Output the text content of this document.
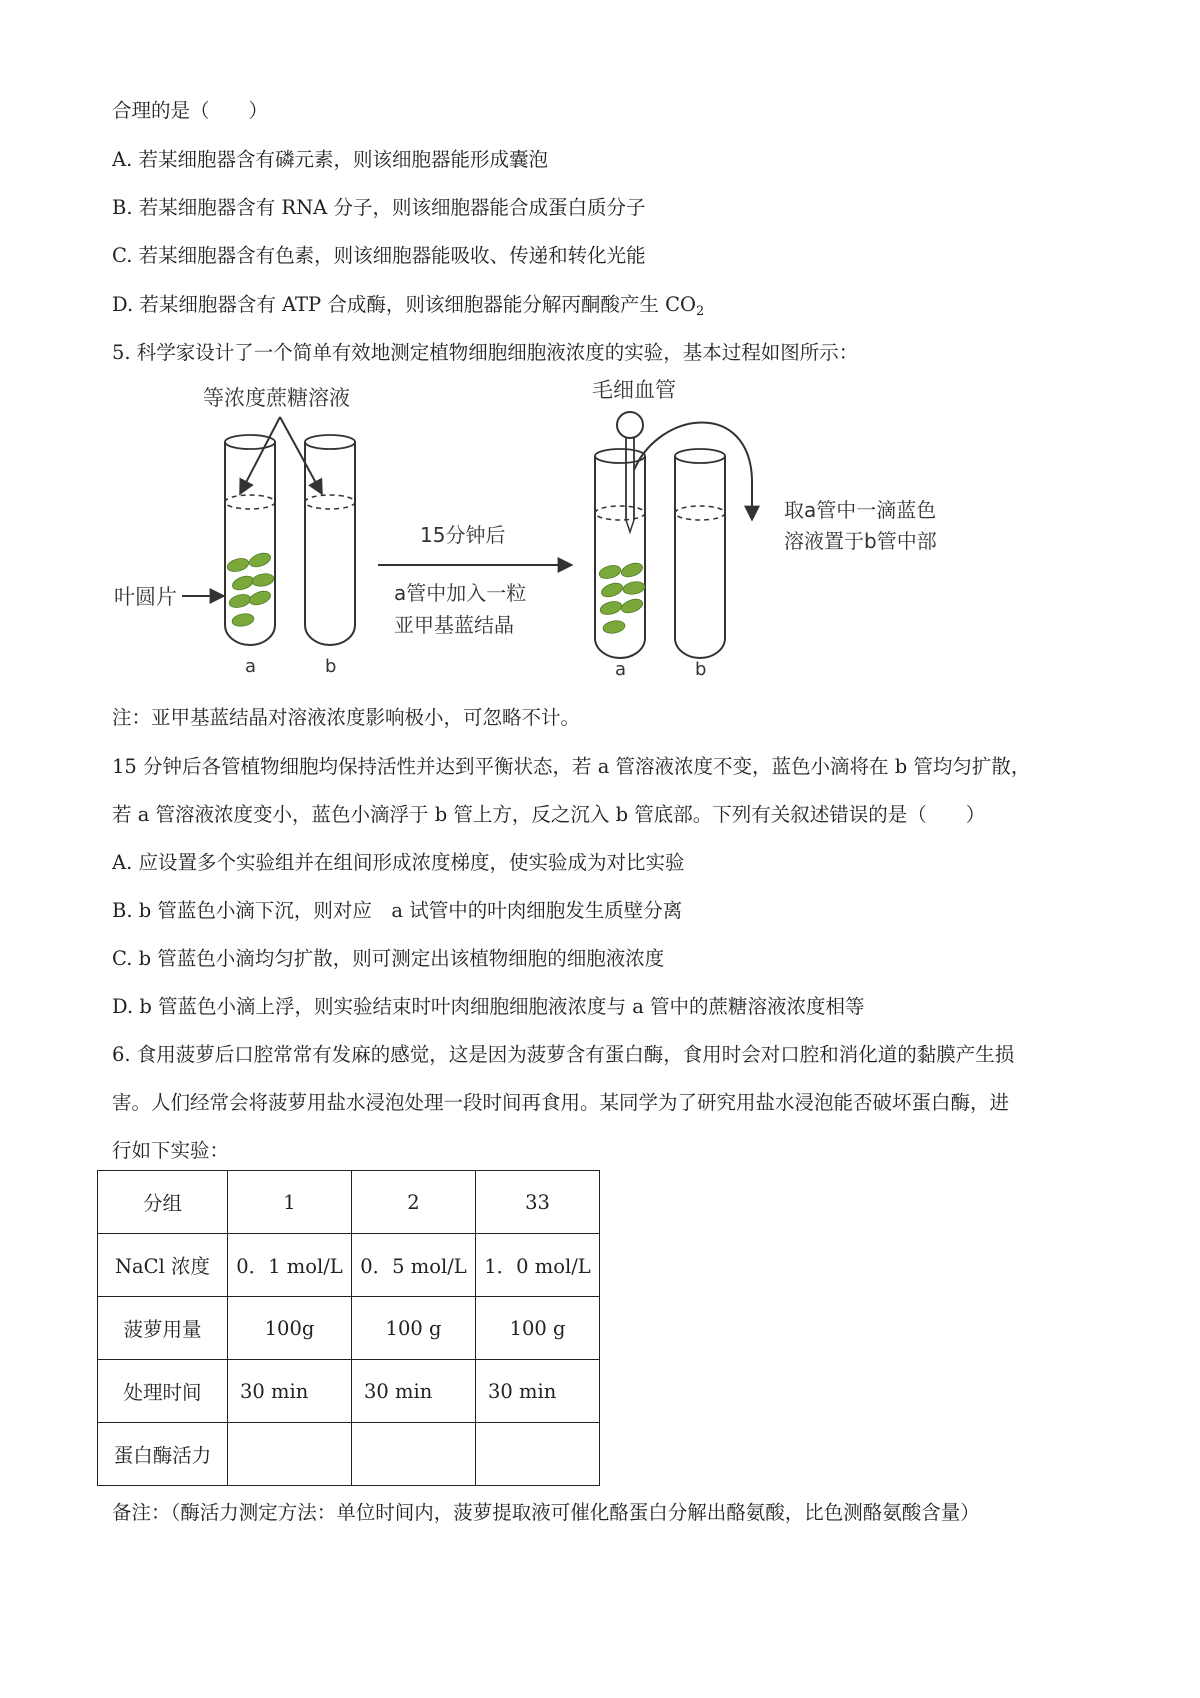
合理的是（　　）
A. 若某细胞器含有磷元素，则该细胞器能形成囊泡
B. 若某细胞器含有 RNA 分子，则该细胞器能合成蛋白质分子
C. 若某细胞器含有色素，则该细胞器能吸收、传递和转化光能
D. 若某细胞器含有 ATP 合成酶，则该细胞器能分解丙酮酸产生 $CO_2$
5. 科学家设计了一个简单有效地测定植物细胞细胞液浓度的实验，基本过程如图所示：
等浓度蔗糖溶液
叶圆片
a	b
15分钟后
a管中加入一粒
亚甲基蓝结晶
毛细血管
取a管中一滴蓝色
溶液置于b管中部
a	b
注：亚甲基蓝结晶对溶液浓度影响极小，可忽略不计。
15 分钟后各管植物细胞均保持活性并达到平衡状态，若 a 管溶液浓度不变，蓝色小滴将在 b 管均匀扩散，
若 a 管溶液浓度变小，蓝色小滴浮于 b 管上方，反之沉入 b 管底部。下列有关叙述错误的是（　　）
A. 应设置多个实验组并在组间形成浓度梯度，使实验成为对比实验
B. b 管蓝色小滴下沉，则对应　a 试管中的叶肉细胞发生质壁分离
C. b 管蓝色小滴均匀扩散，则可测定出该植物细胞的细胞液浓度
D. b 管蓝色小滴上浮，则实验结束时叶肉细胞细胞液浓度与 a 管中的蔗糖溶液浓度相等
6. 食用菠萝后口腔常常有发麻的感觉，这是因为菠萝含有蛋白酶，食用时会对口腔和消化道的黏膜产生损
害。人们经常会将菠萝用盐水浸泡处理一段时间再食用。某同学为了研究用盐水浸泡能否破坏蛋白酶，进
行如下实验：
分组	1	2	33
NaCl 浓度	0．1 mol/L	0．5 mol/L	1．0 mol/L
菠萝用量	100g	100 g	100 g
处理时间	30 min	30 min	30 min
蛋白酶活力			
备注：（酶活力测定方法：单位时间内，菠萝提取液可催化酪蛋白分解出酪氨酸，比色测酪氨酸含量）
